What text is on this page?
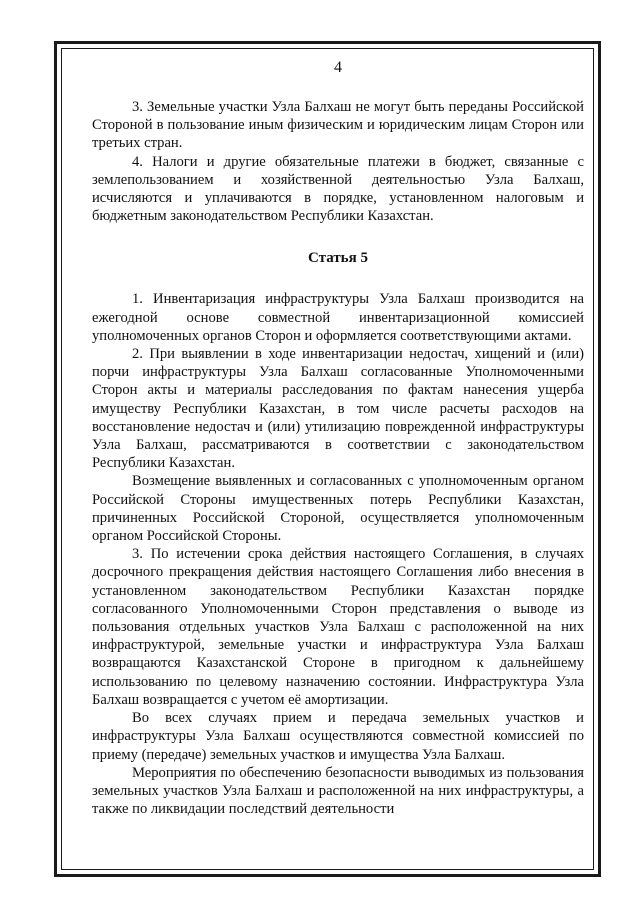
4

3. Земельные участки Узла Балхаш не могут быть переданы Российской Стороной в пользование иным физическим и юридическим лицам Сторон или третьих стран.

4. Налоги и другие обязательные платежи в бюджет, связанные с землепользованием и хозяйственной деятельностью Узла Балхаш, исчисляются и уплачиваются в порядке, установленном налоговым и бюджетным законодательством Республики Казахстан.

Статья 5

1. Инвентаризация инфраструктуры Узла Балхаш производится на ежегодной основе совместной инвентаризационной комиссией уполномоченных органов Сторон и оформляется соответствующими актами.

2. При выявлении в ходе инвентаризации недостач, хищений и (или) порчи инфраструктуры Узла Балхаш согласованные Уполномоченными Сторон акты и материалы расследования по фактам нанесения ущерба имуществу Республики Казахстан, в том числе расчеты расходов на восстановление недостач и (или) утилизацию поврежденной инфраструктуры Узла Балхаш, рассматриваются в соответствии с законодательством Республики Казахстан.

Возмещение выявленных и согласованных с уполномоченным органом Российской Стороны имущественных потерь Республики Казахстан, причиненных Российской Стороной, осуществляется уполномоченным органом Российской Стороны.

3. По истечении срока действия настоящего Соглашения, в случаях досрочного прекращения действия настоящего Соглашения либо внесения в установленном законодательством Республики Казахстан порядке согласованного Уполномоченными Сторон представления о выводе из пользования отдельных участков Узла Балхаш с расположенной на них инфраструктурой, земельные участки и инфраструктура Узла Балхаш возвращаются Казахстанской Стороне в пригодном к дальнейшему использованию по целевому назначению состоянии. Инфраструктура Узла Балхаш возвращается с учетом её амортизации.

Во всех случаях прием и передача земельных участков и инфраструктуры Узла Балхаш осуществляются совместной комиссией по приему (передаче) земельных участков и имущества Узла Балхаш.

Мероприятия по обеспечению безопасности выводимых из пользования земельных участков Узла Балхаш и расположенной на них инфраструктуры, а также по ликвидации последствий деятельности
